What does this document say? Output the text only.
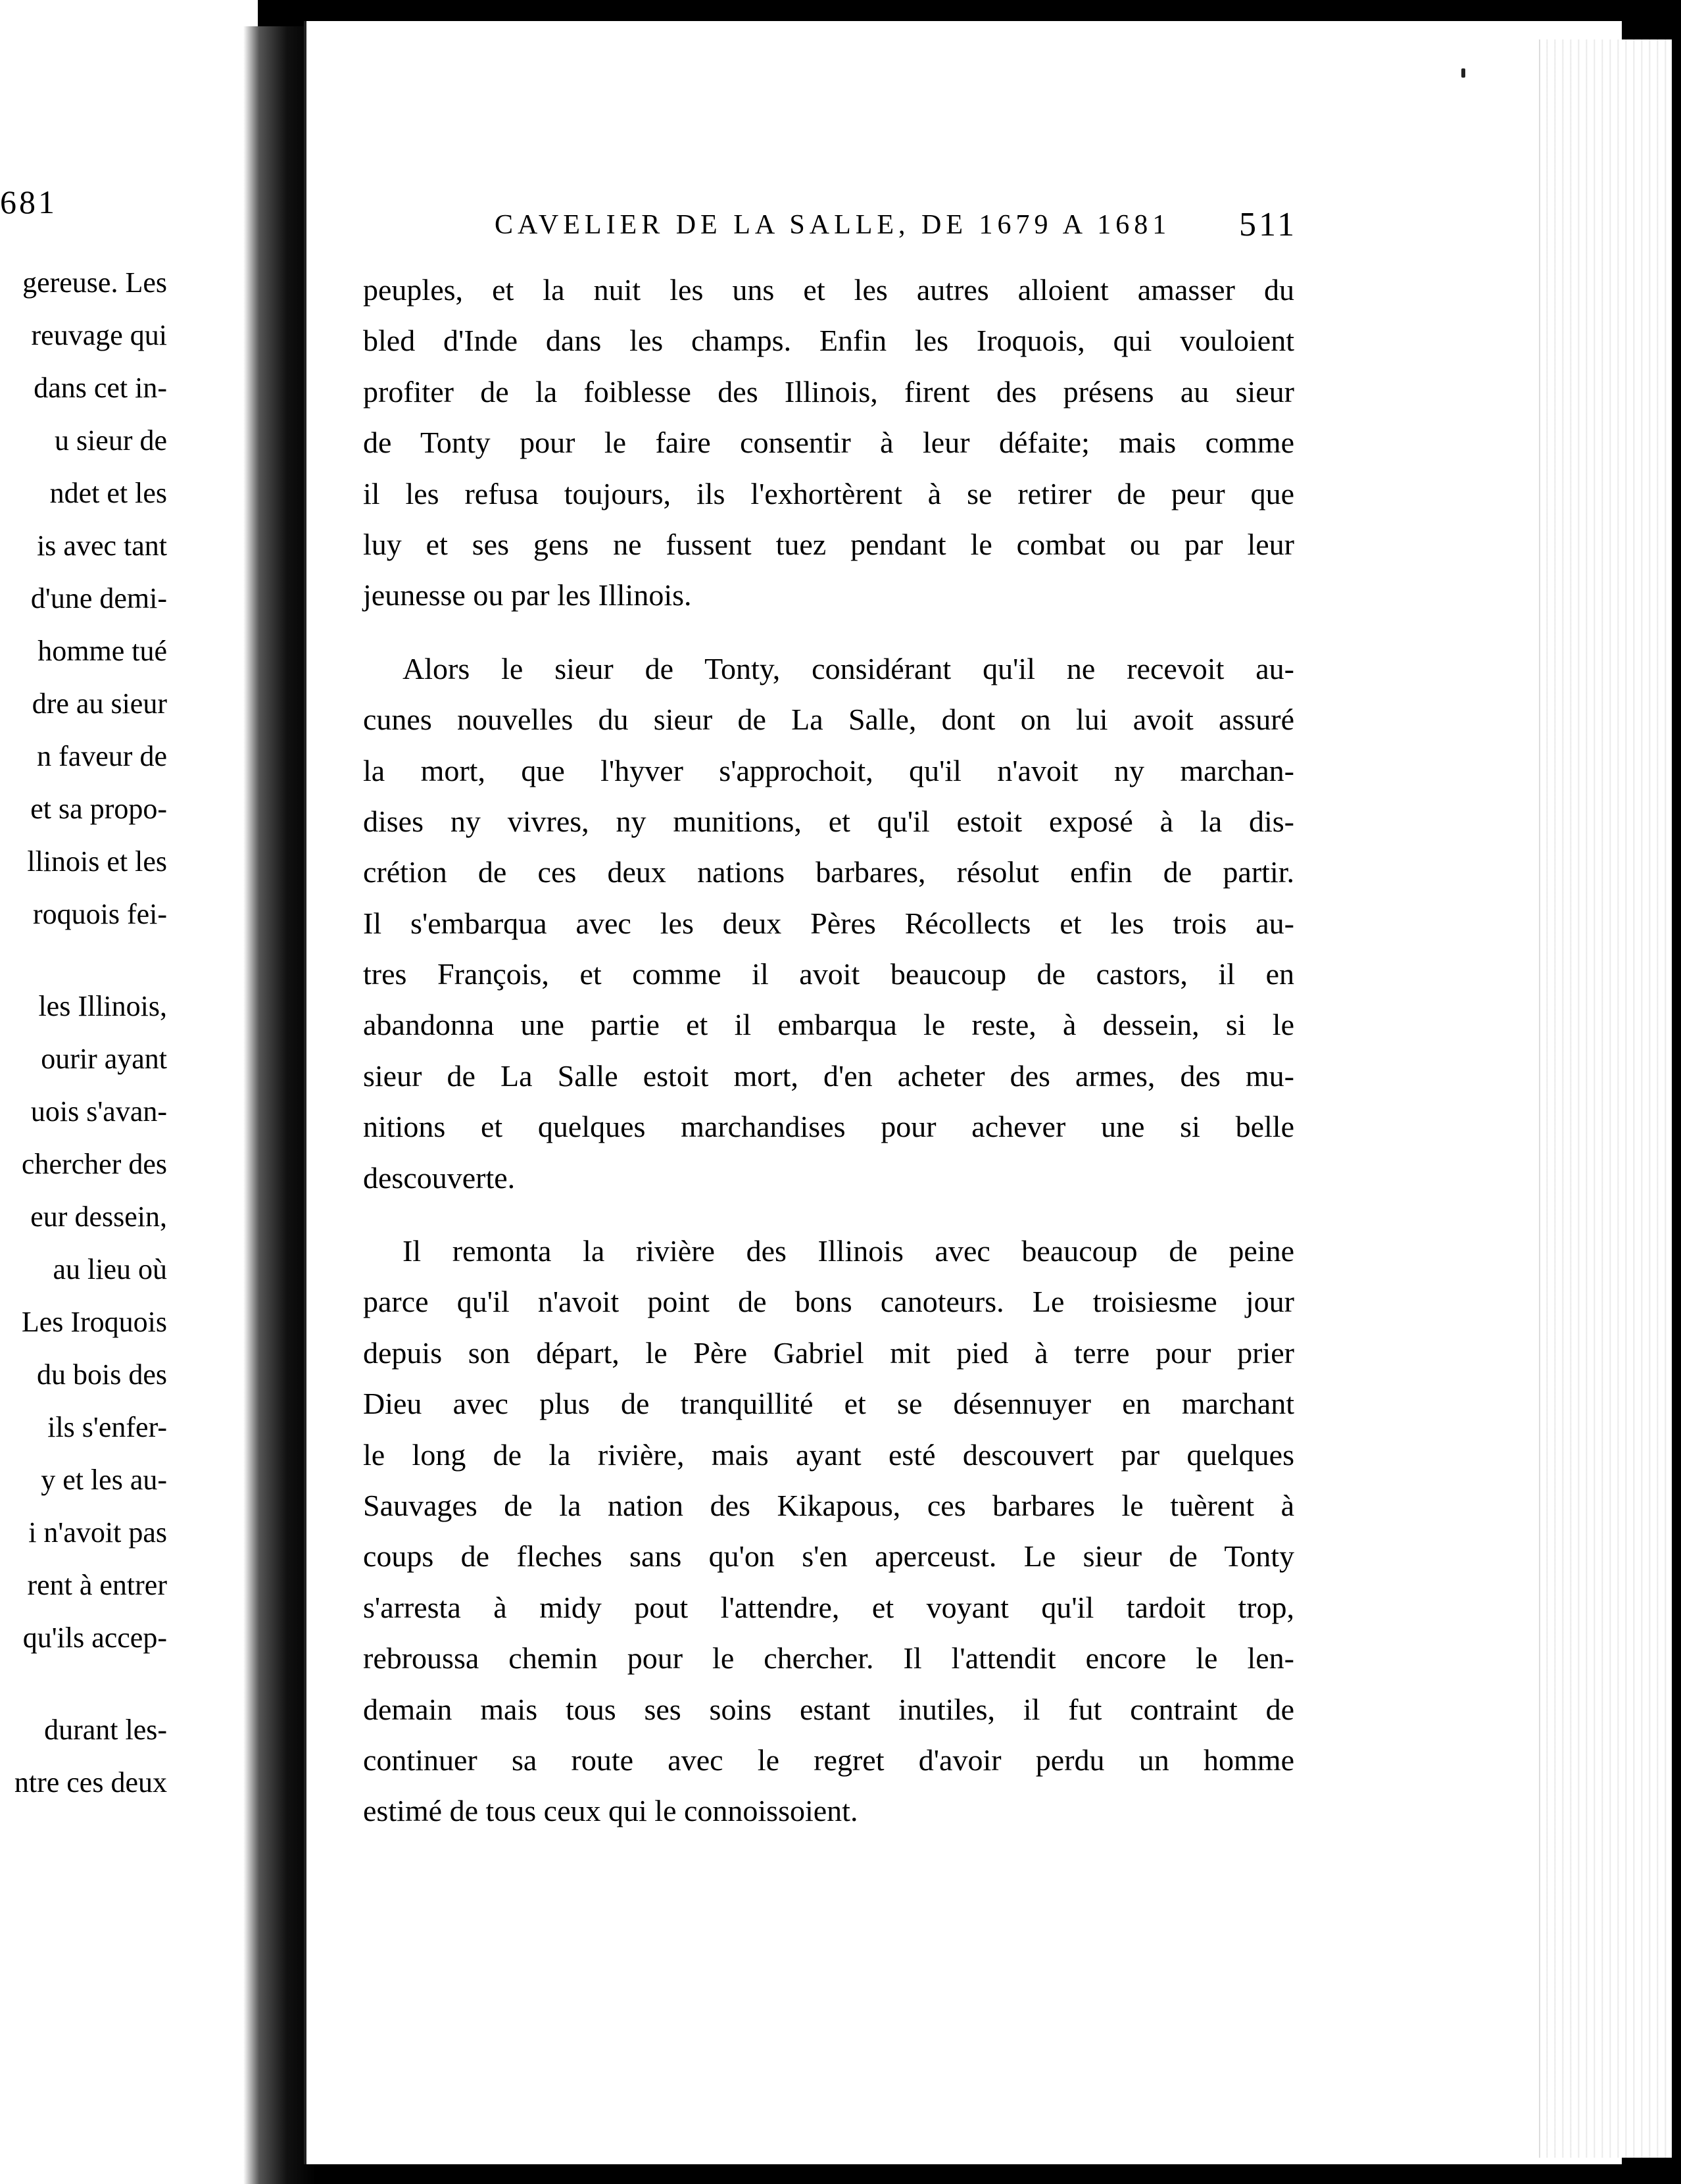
681
gereuse. Les
reuvage qui
dans cet in-
u sieur de
ndet et les
is avec tant
d'une demi-
homme tué
dre au sieur
n faveur de
et sa propo-
llinois et les
roquois fei-
les Illinois,
ourir ayant
uois s'avan-
chercher des
eur dessein,
au lieu où
Les Iroquois
du bois des
ils s'enfer-
y et les au-
i n'avoit pas
rent à entrer
qu'ils accep-
durant les-
ntre ces deux
CAVELIER DE LA SALLE, DE 1679 A 1681 511
peuples, et la nuit les uns et les autres alloient amasser du
bled d'Inde dans les champs. Enfin les Iroquois, qui vouloient
profiter de la foiblesse des Illinois, firent des présens au sieur
de Tonty pour le faire consentir à leur défaite; mais comme
il les refusa toujours, ils l'exhortèrent à se retirer de peur que
luy et ses gens ne fussent tuez pendant le combat ou par leur
jeunesse ou par les Illinois.
Alors le sieur de Tonty, considérant qu'il ne recevoit au-
cunes nouvelles du sieur de La Salle, dont on lui avoit assuré
la mort, que l'hyver s'approchoit, qu'il n'avoit ny marchan-
dises ny vivres, ny munitions, et qu'il estoit exposé à la dis-
crétion de ces deux nations barbares, résolut enfin de partir.
Il s'embarqua avec les deux Pères Récollects et les trois au-
tres François, et comme il avoit beaucoup de castors, il en
abandonna une partie et il embarqua le reste, à dessein, si le
sieur de La Salle estoit mort, d'en acheter des armes, des mu-
nitions et quelques marchandises pour achever une si belle
descouverte.
Il remonta la rivière des Illinois avec beaucoup de peine
parce qu'il n'avoit point de bons canoteurs. Le troisiesme jour
depuis son départ, le Père Gabriel mit pied à terre pour prier
Dieu avec plus de tranquillité et se désennuyer en marchant
le long de la rivière, mais ayant esté descouvert par quelques
Sauvages de la nation des Kikapous, ces barbares le tuèrent à
coups de fleches sans qu'on s'en aperceust. Le sieur de Tonty
s'arresta à midy pout l'attendre, et voyant qu'il tardoit trop,
rebroussa chemin pour le chercher. Il l'attendit encore le len-
demain mais tous ses soins estant inutiles, il fut contraint de
continuer sa route avec le regret d'avoir perdu un homme
estimé de tous ceux qui le connoissoient.
